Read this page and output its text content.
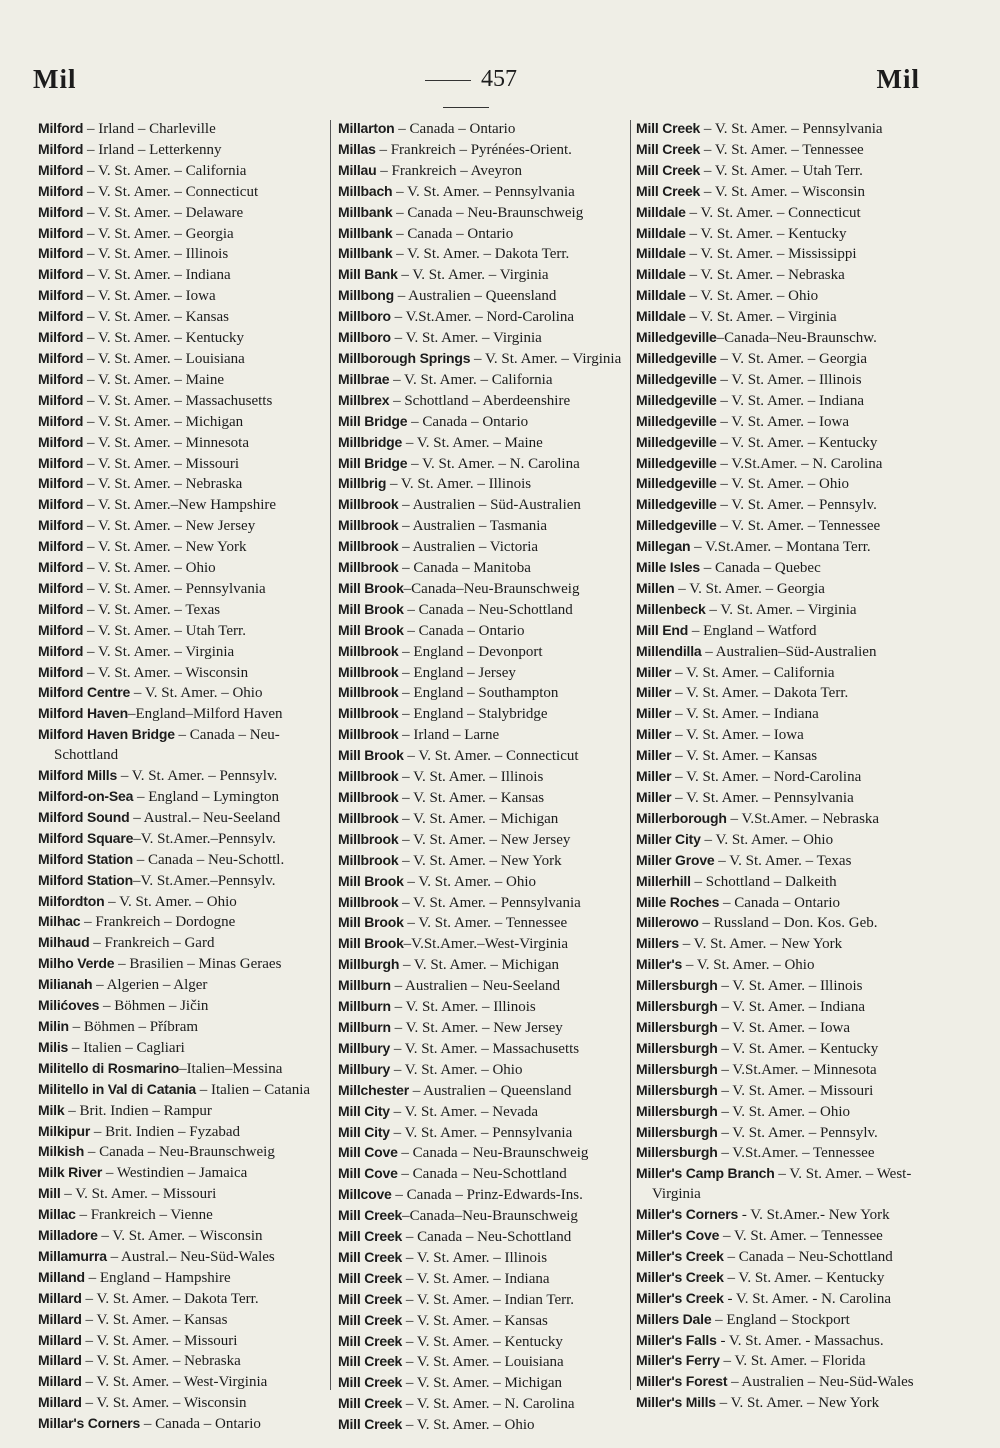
Mil	457	Mil
Milford – Irland – Charleville
Milford – Irland – Letterkenny
Milford – V. St. Amer. – California
Milford – V. St. Amer. – Connecticut
Milford – V. St. Amer. – Delaware
Milford – V. St. Amer. – Georgia
Milford – V. St. Amer. – Illinois
Milford – V. St. Amer. – Indiana
Milford – V. St. Amer. – Iowa
Milford – V. St. Amer. – Kansas
Milford – V. St. Amer. – Kentucky
Milford – V. St. Amer. – Louisiana
Milford – V. St. Amer. – Maine
Milford – V. St. Amer. – Massachusetts
Milford – V. St. Amer. – Michigan
Milford – V. St. Amer. – Minnesota
Milford – V. St. Amer. – Missouri
Milford – V. St. Amer. – Nebraska
Milford – V. St. Amer.–New Hampshire
Milford – V. St. Amer. – New Jersey
Milford – V. St. Amer. – New York
Milford – V. St. Amer. – Ohio
Milford – V. St. Amer. – Pennsylvania
Milford – V. St. Amer. – Texas
Milford – V. St. Amer. – Utah Terr.
Milford – V. St. Amer. – Virginia
Milford – V. St. Amer. – Wisconsin
Milford Centre – V. St. Amer. – Ohio
Milford Haven–England–Milford Haven
Milford Haven Bridge – Canada – Neu-Schottland
Milford Mills – V. St. Amer. – Pennsylv.
Milford-on-Sea – England – Lymington
Milford Sound – Austral.– Neu-Seeland
Milford Square–V. St.Amer.–Pennsylv.
Milford Station – Canada – Neu-Schottl.
Milford Station–V. St.Amer.–Pennsylv.
Milfordton – V. St. Amer. – Ohio
Milhac – Frankreich – Dordogne
Milhaud – Frankreich – Gard
Milho Verde – Brasilien – Minas Geraes
Milianah – Algerien – Alger
Milićoves – Böhmen – Jičin
Milin – Böhmen – Příbram
Milis – Italien – Cagliari
Militello di Rosmarino–Italien–Messina
Militello in Val di Catania – Italien – Catania
Milk – Brit. Indien – Rampur
Milkipur – Brit. Indien – Fyzabad
Milkish – Canada – Neu-Braunschweig
Milk River – Westindien – Jamaica
Mill – V. St. Amer. – Missouri
Millac – Frankreich – Vienne
Milladore – V. St. Amer. – Wisconsin
Millamurra – Austral.– Neu-Süd-Wales
Milland – England – Hampshire
Millard – V. St. Amer. – Dakota Terr.
Millard – V. St. Amer. – Kansas
Millard – V. St. Amer. – Missouri
Millard – V. St. Amer. – Nebraska
Millard – V. St. Amer. – West-Virginia
Millard – V. St. Amer. – Wisconsin
Millar's Corners – Canada – Ontario
Millarton – Canada – Ontario
Millas – Frankreich – Pyrénées-Orient.
Millau – Frankreich – Aveyron
Millbach – V. St. Amer. – Pennsylvania
Millbank – Canada – Neu-Braunschweig
Millbank – Canada – Ontario
Millbank – V. St. Amer. – Dakota Terr.
Mill Bank – V. St. Amer. – Virginia
Millbong – Australien – Queensland
Millboro – V.St.Amer. – Nord-Carolina
Millboro – V. St. Amer. – Virginia
Millborough Springs – V. St. Amer. – Virginia
Millbrae – V. St. Amer. – California
Millbrex – Schottland – Aberdeenshire
Mill Bridge – Canada – Ontario
Millbridge – V. St. Amer. – Maine
Mill Bridge – V. St. Amer. – N. Carolina
Millbrig – V. St. Amer. – Illinois
Millbrook – Australien – Süd-Australien
Millbrook – Australien – Tasmania
Millbrook – Australien – Victoria
Millbrook – Canada – Manitoba
Mill Brook–Canada–Neu-Braunschweig
Mill Brook – Canada – Neu-Schottland
Mill Brook – Canada – Ontario
Millbrook – England – Devonport
Millbrook – England – Jersey
Millbrook – England – Southampton
Millbrook – England – Stalybridge
Millbrook – Irland – Larne
Mill Brook – V. St. Amer. – Connecticut
Millbrook – V. St. Amer. – Illinois
Millbrook – V. St. Amer. – Kansas
Millbrook – V. St. Amer. – Michigan
Millbrook – V. St. Amer. – New Jersey
Millbrook – V. St. Amer. – New York
Mill Brook – V. St. Amer. – Ohio
Millbrook – V. St. Amer. – Pennsylvania
Mill Brook – V. St. Amer. – Tennessee
Mill Brook–V.St.Amer.–West-Virginia
Millburgh – V. St. Amer. – Michigan
Millburn – Australien – Neu-Seeland
Millburn – V. St. Amer. – Illinois
Millburn – V. St. Amer. – New Jersey
Millbury – V. St. Amer. – Massachusetts
Millbury – V. St. Amer. – Ohio
Millchester – Australien – Queensland
Mill City – V. St. Amer. – Nevada
Mill City – V. St. Amer. – Pennsylvania
Mill Cove – Canada – Neu-Braunschweig
Mill Cove – Canada – Neu-Schottland
Millcove – Canada – Prinz-Edwards-Ins.
Mill Creek–Canada–Neu-Braunschweig
Mill Creek – Canada – Neu-Schottland
Mill Creek – V. St. Amer. – Illinois
Mill Creek – V. St. Amer. – Indiana
Mill Creek – V. St. Amer. – Indian Terr.
Mill Creek – V. St. Amer. – Kansas
Mill Creek – V. St. Amer. – Kentucky
Mill Creek – V. St. Amer. – Louisiana
Mill Creek – V. St. Amer. – Michigan
Mill Creek – V. St. Amer. – N. Carolina
Mill Creek – V. St. Amer. – Ohio
Mill Creek – V. St. Amer. – Pennsylvania
Mill Creek – V. St. Amer. – Tennessee
Mill Creek – V. St. Amer. – Utah Terr.
Mill Creek – V. St. Amer. – Wisconsin
Milldale – V. St. Amer. – Connecticut
Milldale – V. St. Amer. – Kentucky
Milldale – V. St. Amer. – Mississippi
Milldale – V. St. Amer. – Nebraska
Milldale – V. St. Amer. – Ohio
Milldale – V. St. Amer. – Virginia
Milledgeville–Canada–Neu-Braunschw.
Milledgeville – V. St. Amer. – Georgia
Milledgeville – V. St. Amer. – Illinois
Milledgeville – V. St. Amer. – Indiana
Milledgeville – V. St. Amer. – Iowa
Milledgeville – V. St. Amer. – Kentucky
Milledgeville – V.St.Amer. – N. Carolina
Milledgeville – V. St. Amer. – Ohio
Milledgeville – V. St. Amer. – Pennsylv.
Milledgeville – V. St. Amer. – Tennessee
Millegan – V.St.Amer. – Montana Terr.
Mille Isles – Canada – Quebec
Millen – V. St. Amer. – Georgia
Millenbeck – V. St. Amer. – Virginia
Mill End – England – Watford
Millendilla – Australien–Süd-Australien
Miller – V. St. Amer. – California
Miller – V. St. Amer. – Dakota Terr.
Miller – V. St. Amer. – Indiana
Miller – V. St. Amer. – Iowa
Miller – V. St. Amer. – Kansas
Miller – V. St. Amer. – Nord-Carolina
Miller – V. St. Amer. – Pennsylvania
Millerborough – V.St.Amer. – Nebraska
Miller City – V. St. Amer. – Ohio
Miller Grove – V. St. Amer. – Texas
Millerhill – Schottland – Dalkeith
Mille Roches – Canada – Ontario
Millerowo – Russland – Don. Kos. Geb.
Millers – V. St. Amer. – New York
Miller's – V. St. Amer. – Ohio
Millersburgh – V. St. Amer. – Illinois
Millersburgh – V. St. Amer. – Indiana
Millersburgh – V. St. Amer. – Iowa
Millersburgh – V. St. Amer. – Kentucky
Millersburgh – V.St.Amer. – Minnesota
Millersburgh – V. St. Amer. – Missouri
Millersburgh – V. St. Amer. – Ohio
Millersburgh – V. St. Amer. – Pennsylv.
Millersburgh – V.St.Amer. – Tennessee
Miller's Camp Branch – V. St. Amer. – West-Virginia
Miller's Corners - V. St.Amer.- New York
Miller's Cove – V. St. Amer. – Tennessee
Miller's Creek – Canada – Neu-Schottland
Miller's Creek – V. St. Amer. – Kentucky
Miller's Creek - V. St. Amer. - N. Carolina
Millers Dale – England – Stockport
Miller's Falls - V. St. Amer. - Massachus.
Miller's Ferry – V. St. Amer. – Florida
Miller's Forest – Australien – Neu-Süd-Wales
Miller's Mills – V. St. Amer. – New York
